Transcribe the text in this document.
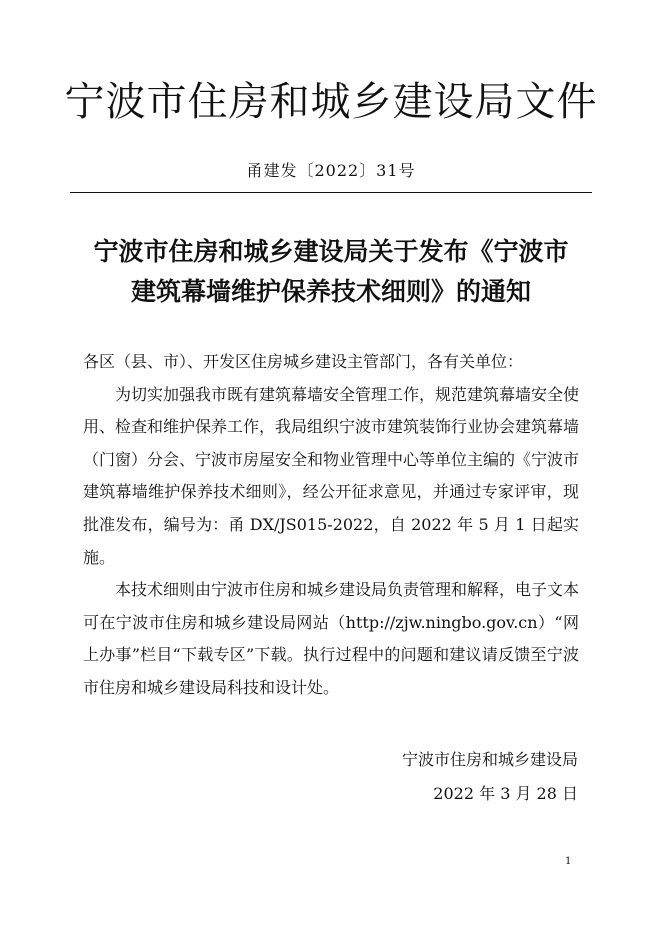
宁波市住房和城乡建设局文件
甬建发〔2022〕31号
宁波市住房和城乡建设局关于发布《宁波市
建筑幕墙维护保养技术细则》的通知

各区（县、市）、开发区住房城乡建设主管部门，各有关单位：

为切实加强我市既有建筑幕墙安全管理工作，规范建筑幕墙安全使用、检查和维护保养工作，我局组织宁波市建筑装饰行业协会建筑幕墙（门窗）分会、宁波市房屋安全和物业管理中心等单位主编的《宁波市建筑幕墙维护保养技术细则》，经公开征求意见，并通过专家评审，现批准发布，编号为：甬 DX/JS015-2022，自 2022 年 5 月 1 日起实施。

本技术细则由宁波市住房和城乡建设局负责管理和解释，电子文本可在宁波市住房和城乡建设局网站（http://zjw.ningbo.gov.cn）“网上办事”栏目“下载专区”下载。执行过程中的问题和建议请反馈至宁波市住房和城乡建设局科技和设计处。

宁波市住房和城乡建设局
2022 年 3 月 28 日
1
